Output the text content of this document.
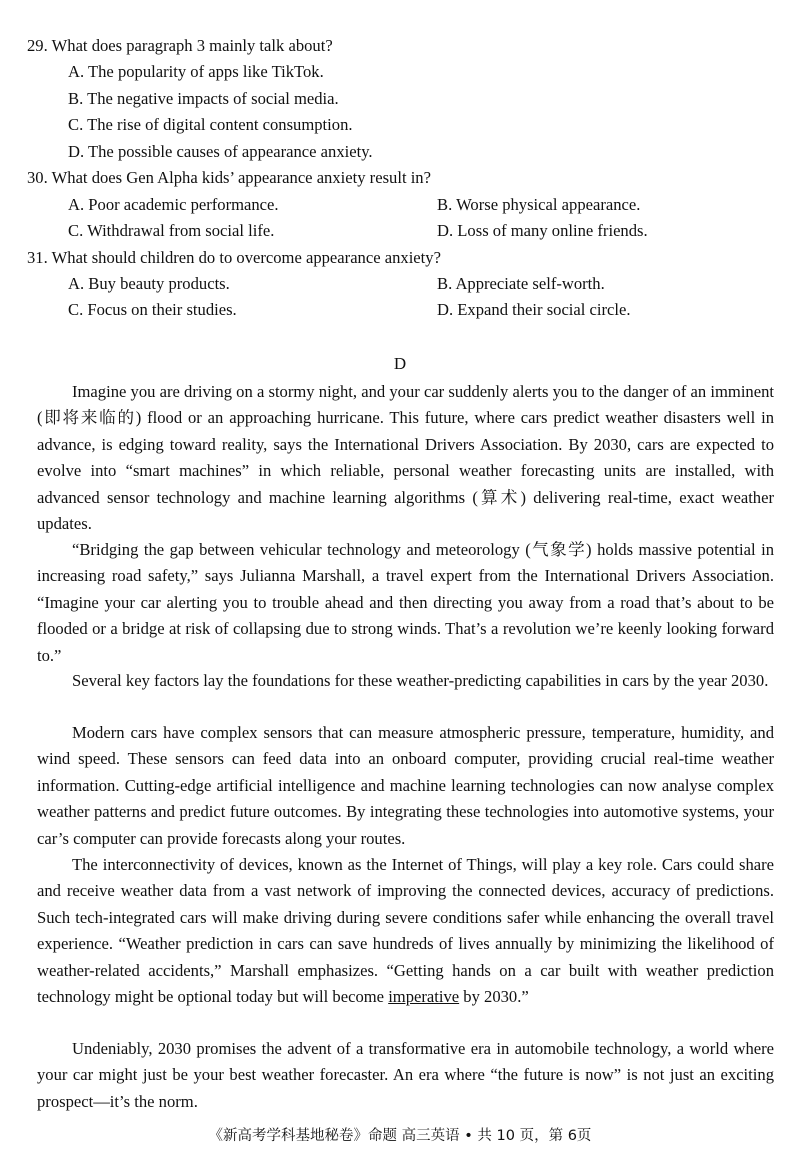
29. What does paragraph 3 mainly talk about?
A. The popularity of apps like TikTok.
B. The negative impacts of social media.
C. The rise of digital content consumption.
D. The possible causes of appearance anxiety.
30. What does Gen Alpha kids’ appearance anxiety result in?
A. Poor academic performance.	B. Worse physical appearance.
C. Withdrawal from social life.	D. Loss of many online friends.
31. What should children do to overcome appearance anxiety?
A. Buy beauty products.	B. Appreciate self-worth.
C. Focus on their studies.	D. Expand their social circle.
D

Imagine you are driving on a stormy night, and your car suddenly alerts you to the danger of an imminent (即将来临的) flood or an approaching hurricane. This future, where cars predict weather disasters well in advance, is edging toward reality, says the International Drivers Association. By 2030, cars are expected to evolve into “smart machines” in which reliable, personal weather forecasting units are installed, with advanced sensor technology and machine learning algorithms (算术) delivering real-time, exact weather updates.

“Bridging the gap between vehicular technology and meteorology (气象学) holds massive potential in increasing road safety,” says Julianna Marshall, a travel expert from the International Drivers Association. “Imagine your car alerting you to trouble ahead and then directing you away from a road that’s about to be flooded or a bridge at risk of collapsing due to strong winds. That’s a revolution we’re keenly looking forward to.”

Several key factors lay the foundations for these weather-predicting capabilities in cars by the year 2030.

Modern cars have complex sensors that can measure atmospheric pressure, temperature, humidity, and wind speed. These sensors can feed data into an onboard computer, providing crucial real-time weather information. Cutting-edge artificial intelligence and machine learning technologies can now analyse complex weather patterns and predict future outcomes. By integrating these technologies into automotive systems, your car’s computer can provide forecasts along your routes.

The interconnectivity of devices, known as the Internet of Things, will play a key role. Cars could share and receive weather data from a vast network of improving the connected devices, accuracy of predictions. Such tech-integrated cars will make driving during severe conditions safer while enhancing the overall travel experience. “Weather prediction in cars can save hundreds of lives annually by minimizing the likelihood of weather-related accidents,” Marshall emphasizes. “Getting hands on a car built with weather prediction technology might be optional today but will become imperative by 2030.”

Undeniably, 2030 promises the advent of a transformative era in automobile technology, a world where your car might just be your best weather forecaster. An era where “the future is now” is not just an exciting prospect—it’s the norm.

《新高考学科基地秘卷》命题 高三英语 • 共 10 页，第 6页
